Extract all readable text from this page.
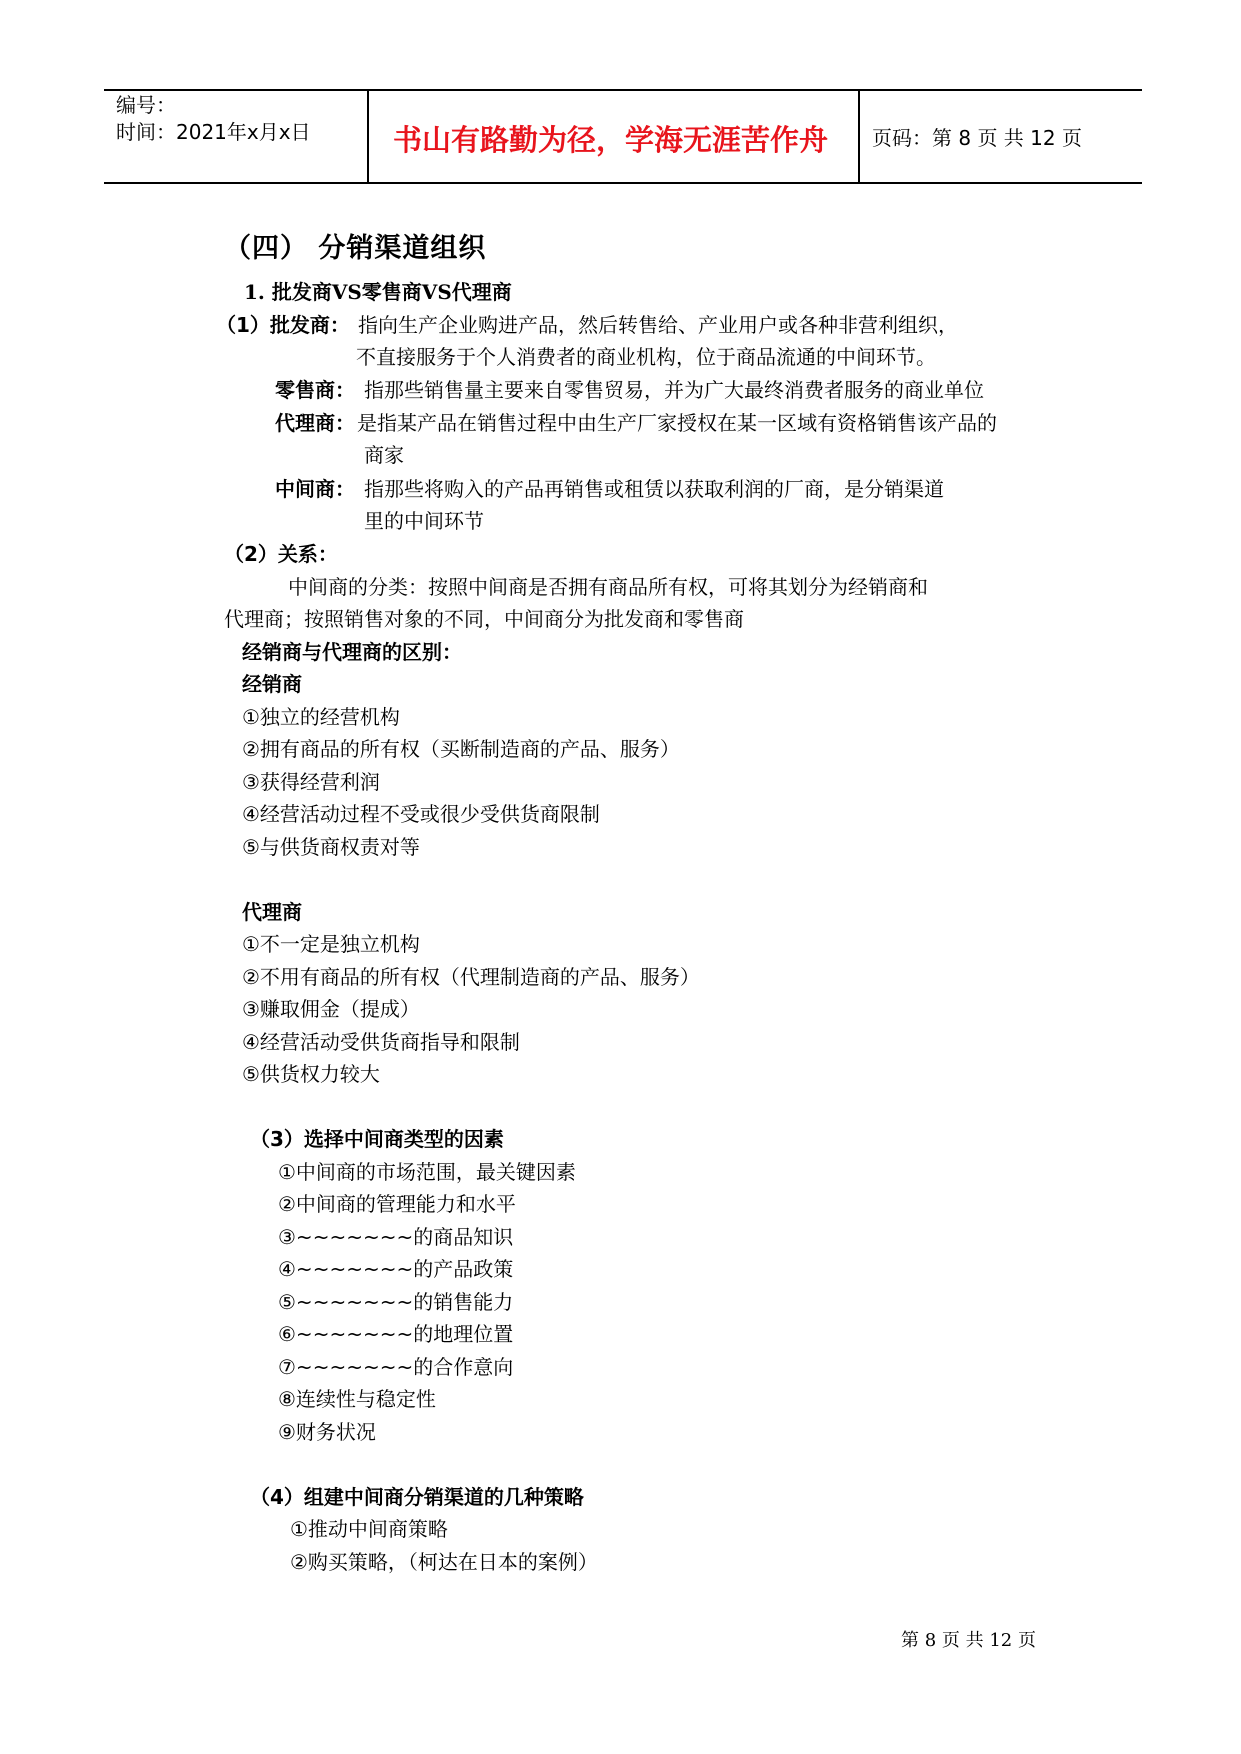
编号：
时间：2021年x月x日	书山有路勤为径，学海无涯苦作舟 页码：第 8 页 共 12 页
（四） 分销渠道组织
1. 批发商VS零售商VS代理商
（1）批发商： 指向生产企业购进产品，然后转售给、产业用户或各种非营利组织，
不直接服务于个人消费者的商业机构，位于商品流通的中间环节。
零售商： 指那些销售量主要来自零售贸易，并为广大最终消费者服务的商业单位
代理商： 是指某产品在销售过程中由生产厂家授权在某一区域有资格销售该产品的
商家
中间商： 指那些将购入的产品再销售或租赁以获取利润的厂商，是分销渠道
里的中间环节
（2）关系：
中间商的分类：按照中间商是否拥有商品所有权，可将其划分为经销商和
代理商；按照销售对象的不同，中间商分为批发商和零售商
经销商与代理商的区别：
经销商
①独立的经营机构
②拥有商品的所有权（买断制造商的产品、服务）
③获得经营利润
④经营活动过程不受或很少受供货商限制
⑤与供货商权责对等
代理商
①不一定是独立机构
②不用有商品的所有权（代理制造商的产品、服务）
③赚取佣金（提成）
④经营活动受供货商指导和限制
⑤供货权力较大
（3）选择中间商类型的因素
①中间商的市场范围，最关键因素
②中间商的管理能力和水平
③~~~~~~~的商品知识
④~~~~~~~的产品政策
⑤~~~~~~~的销售能力
⑥~~~~~~~的地理位置
⑦~~~~~~~的合作意向
⑧连续性与稳定性
⑨财务状况
（4）组建中间商分销渠道的几种策略
①推动中间商策略
②购买策略，（柯达在日本的案例）
第 8 页 共 12 页
